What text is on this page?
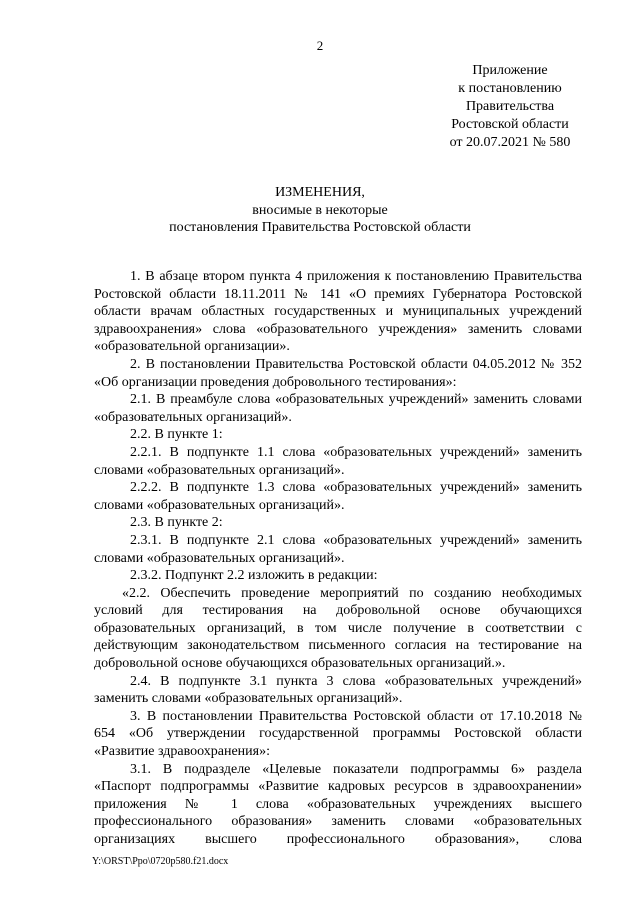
2
Приложение
к постановлению
Правительства
Ростовской области
от 20.07.2021 № 580
ИЗМЕНЕНИЯ,
вносимые в некоторые
постановления Правительства Ростовской области

1. В абзаце втором пункта 4 приложения к постановлению Правительства Ростовской области 18.11.2011 № 141 «О премиях Губернатора Ростовской области врачам областных государственных и муниципальных учреждений здравоохранения» слова «образовательного учреждения» заменить словами «образовательной организации».

2. В постановлении Правительства Ростовской области 04.05.2012 № 352 «Об организации проведения добровольного тестирования»:

2.1. В преамбуле слова «образовательных учреждений» заменить словами «образовательных организаций».

2.2. В пункте 1:

2.2.1. В подпункте 1.1 слова «образовательных учреждений» заменить словами «образовательных организаций».

2.2.2. В подпункте 1.3 слова «образовательных учреждений» заменить словами «образовательных организаций».

2.3. В пункте 2:

2.3.1. В подпункте 2.1 слова «образовательных учреждений» заменить словами «образовательных организаций».

2.3.2. Подпункт 2.2 изложить в редакции:

«2.2. Обеспечить проведение мероприятий по созданию необходимых условий для тестирования на добровольной основе обучающихся образовательных организаций, в том числе получение в соответствии с действующим законодательством письменного согласия на тестирование на добровольной основе обучающихся образовательных организаций.».

2.4. В подпункте 3.1 пункта 3 слова «образовательных учреждений» заменить словами «образовательных организаций».

3. В постановлении Правительства Ростовской области от 17.10.2018 № 654 «Об утверждении государственной программы Ростовской области «Развитие здравоохранения»:

3.1. В подразделе «Целевые показатели подпрограммы 6» раздела «Паспорт подпрограммы «Развитие кадровых ресурсов в здравоохранении» приложения № 1 слова «образовательных учреждениях высшего профессионального образования» заменить словами «образовательных организациях высшего профессионального образования», слова

Y:\ORST\Ppo\0720p580.f21.docx
